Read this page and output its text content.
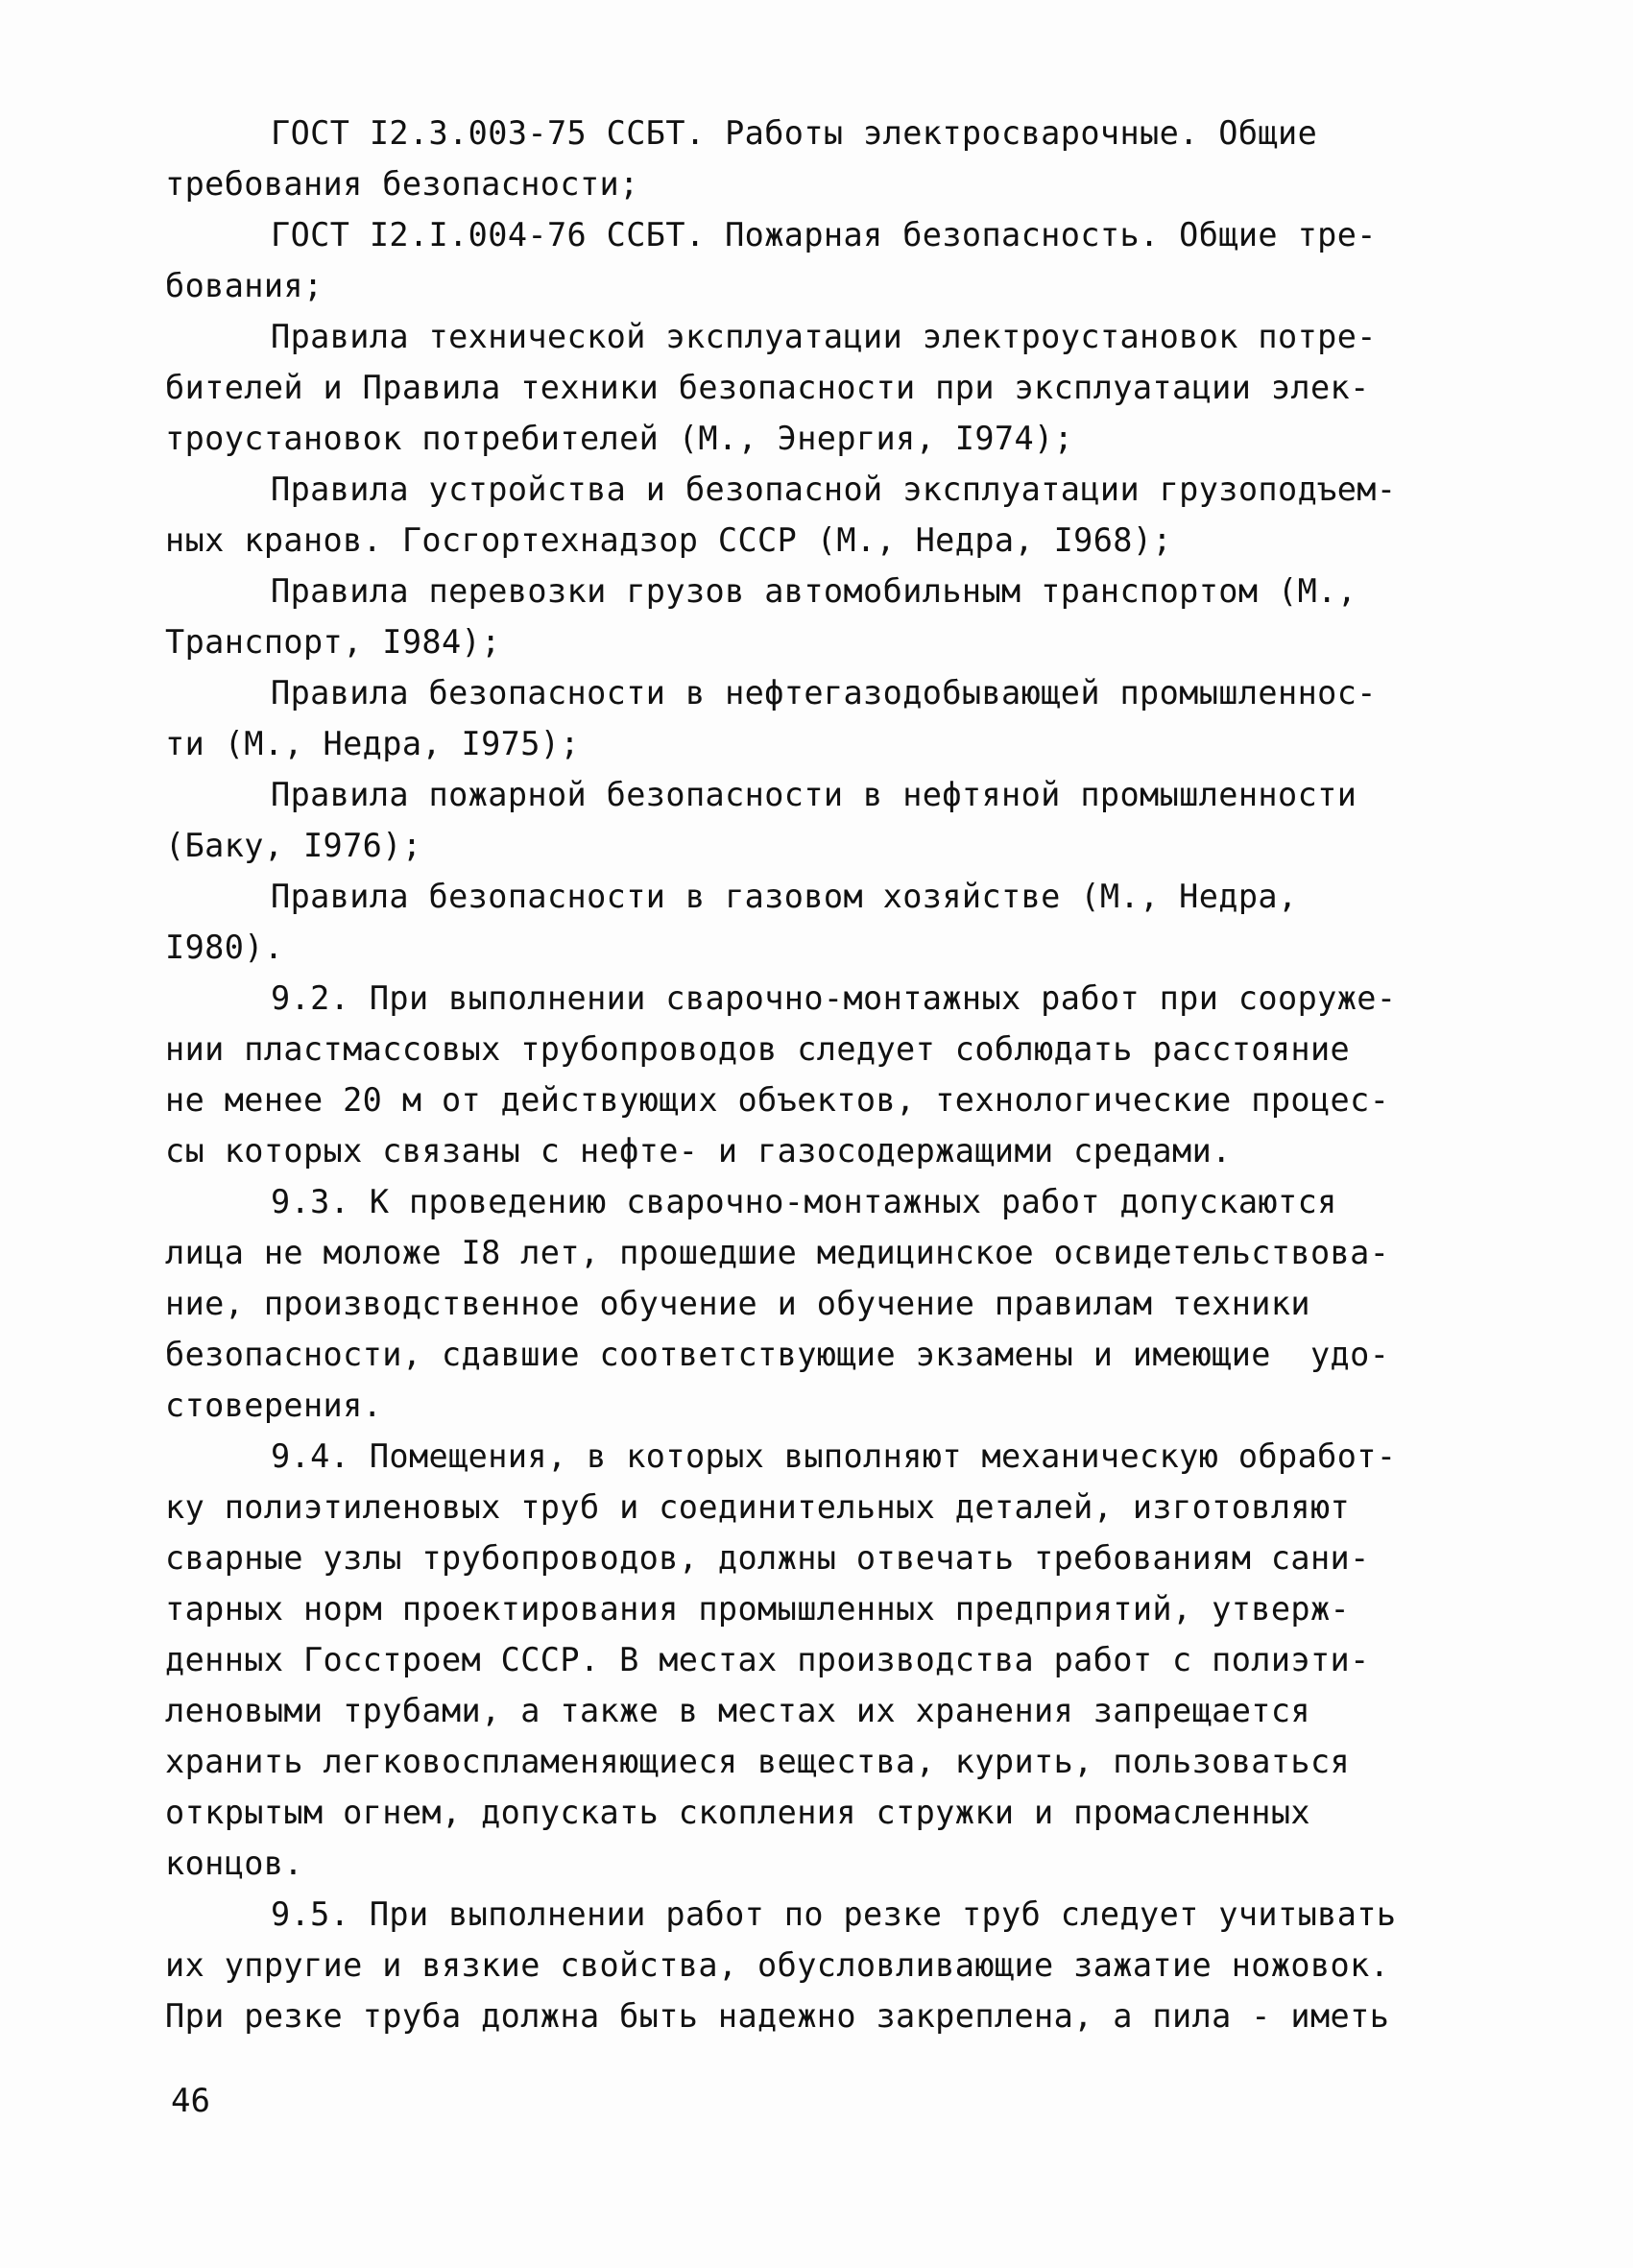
ГОСТ I2.3.003-75 ССБТ. Работы электросварочные. Общие
требования безопасности;
ГОСТ I2.I.004-76 ССБТ. Пожарная безопасность. Общие тре-
бования;
Правила технической эксплуатации электроустановок потре-
бителей и Правила техники безопасности при эксплуатации элек-
троустановок потребителей (М., Энергия, I974);
Правила устройства и безопасной эксплуатации грузоподъем-
ных кранов. Госгортехнадзор СССР (М., Недра, I968);
Правила перевозки грузов автомобильным транспортом (М.,
Транспорт, I984);
Правила безопасности в нефтегазодобывающей промышленнос-
ти (М., Недра, I975);
Правила пожарной безопасности в нефтяной промышленности
(Баку, I976);
Правила безопасности в газовом хозяйстве (М., Недра,
I980).
9.2. При выполнении сварочно-монтажных работ при сооруже-
нии пластмассовых трубопроводов следует соблюдать расстояние
не менее 20 м от действующих объектов, технологические процес-
сы которых связаны с нефте- и газосодержащими средами.
9.3. К проведению сварочно-монтажных работ допускаются
лица не моложе I8 лет, прошедшие медицинское освидетельствова-
ние, производственное обучение и обучение правилам техники
безопасности, сдавшие соответствующие экзамены и имеющие  удо-
стоверения.
9.4. Помещения, в которых выполняют механическую обработ-
ку полиэтиленовых труб и соединительных деталей, изготовляют
сварные узлы трубопроводов, должны отвечать требованиям сани-
тарных норм проектирования промышленных предприятий, утверж-
денных Госстроем СССР. В местах производства работ с полиэти-
леновыми трубами, а также в местах их хранения запрещается
хранить легковоспламеняющиеся вещества, курить, пользоваться
открытым огнем, допускать скопления стружки и промасленных
концов.
9.5. При выполнении работ по резке труб следует учитывать
их упругие и вязкие свойства, обусловливающие зажатие ножовок.
При резке труба должна быть надежно закреплена, а пила - иметь
46
